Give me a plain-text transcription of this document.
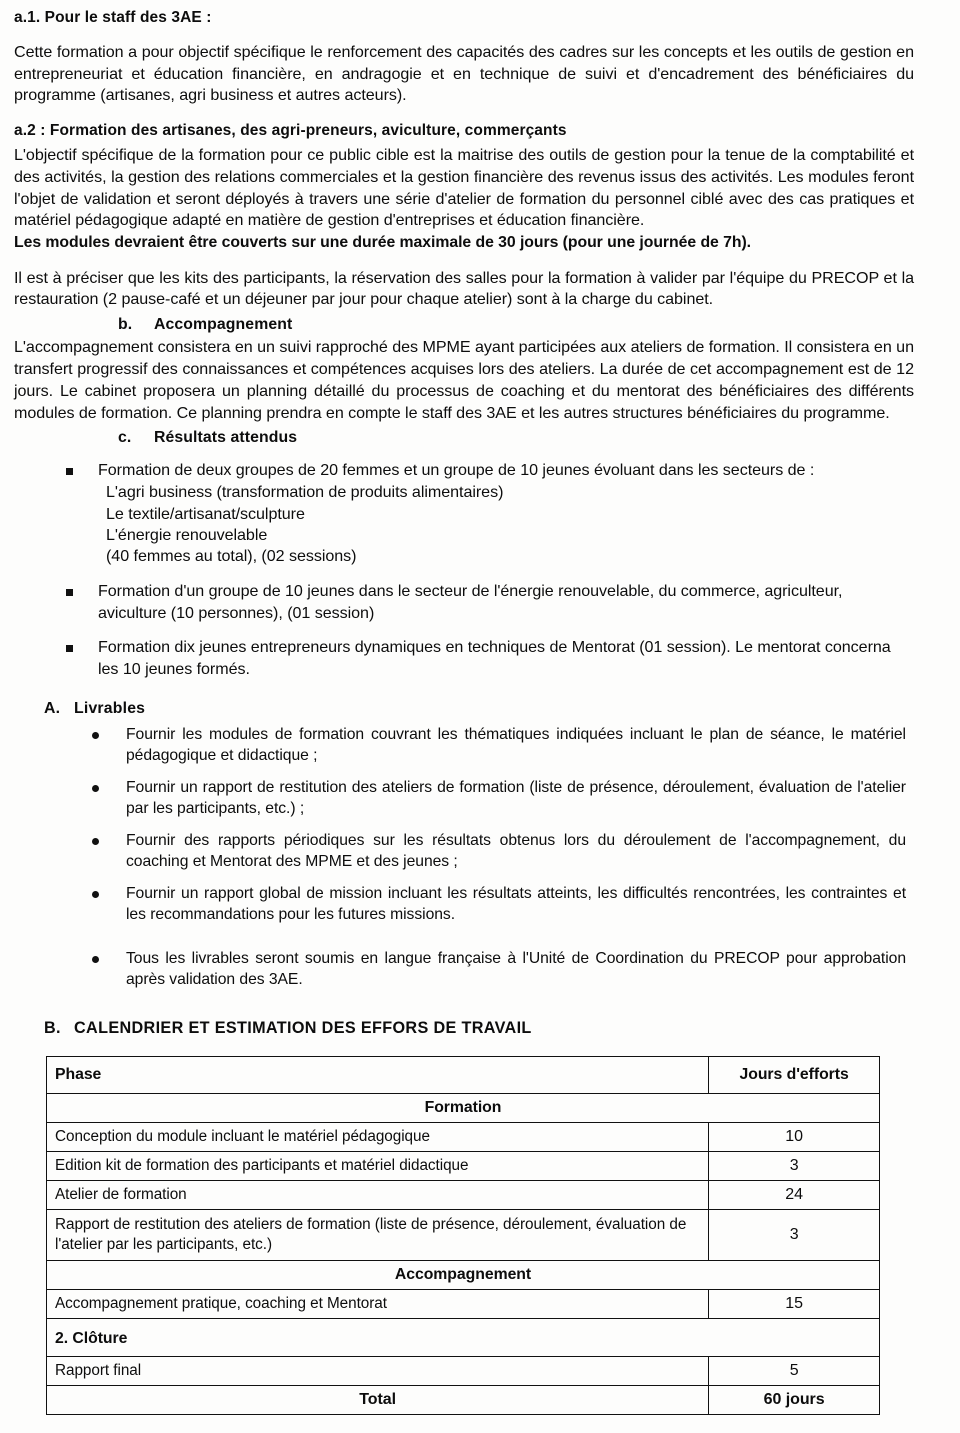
a.1. Pour le staff des 3AE :

Cette formation a pour objectif spécifique le renforcement des capacités des cadres sur les concepts et les outils de gestion en entrepreneuriat et éducation financière, en andragogie et en technique de suivi et d'encadrement des bénéficiaires du programme (artisanes, agri business et autres acteurs).

a.2 : Formation des artisanes, des agri-preneurs, aviculture, commerçants

L'objectif spécifique de la formation pour ce public cible est la maitrise des outils de gestion pour la tenue de la comptabilité et des activités, la gestion des relations commerciales et la gestion financière des revenus issus des activités. Les modules feront l'objet de validation et seront déployés à travers une série d'atelier de formation du personnel ciblé avec des cas pratiques et matériel pédagogique adapté en matière de gestion d'entreprises et éducation financière.

Les modules devraient être couverts sur une durée maximale de 30 jours (pour une journée de 7h).

Il est à préciser que les kits des participants, la réservation des salles pour la formation à valider par l'équipe du PRECOP et la restauration (2 pause-café et un déjeuner par jour pour chaque atelier) sont à la charge du cabinet.

b. Accompagnement

L'accompagnement consistera en un suivi rapproché des MPME ayant participées aux ateliers de formation. Il consistera en un transfert progressif des connaissances et compétences acquises lors des ateliers. La durée de cet accompagnement est de 12 jours. Le cabinet proposera un planning détaillé du processus de coaching et du mentorat des bénéficiaires des différents modules de formation. Ce planning prendra en compte le staff des 3AE et les autres structures bénéficiaires du programme.

c. Résultats attendus
Formation de deux groupes de 20 femmes et un groupe de 10 jeunes évoluant dans les secteurs de :
L'agri business (transformation de produits alimentaires)
Le textile/artisanat/sculpture
L'énergie renouvelable
(40 femmes au total), (02 sessions)
Formation d'un groupe de 10 jeunes dans le secteur de l'énergie renouvelable, du commerce, agriculteur, aviculture (10 personnes), (01 session)
Formation dix jeunes entrepreneurs dynamiques en techniques de Mentorat (01 session). Le mentorat concerna les 10 jeunes formés.
A. Livrables
Fournir les modules de formation couvrant les thématiques indiquées incluant le plan de séance, le matériel pédagogique et didactique ;
Fournir un rapport de restitution des ateliers de formation (liste de présence, déroulement, évaluation de l'atelier par les participants, etc.) ;
Fournir des rapports périodiques sur les résultats obtenus lors du déroulement de l'accompagnement, du coaching et Mentorat des MPME et des jeunes ;
Fournir un rapport global de mission incluant les résultats atteints, les difficultés rencontrées, les contraintes et les recommandations pour les futures missions.
Tous les livrables seront soumis en langue française à l'Unité de Coordination du PRECOP pour approbation après validation des 3AE.
B. CALENDRIER ET ESTIMATION DES EFFORS DE TRAVAIL
Phase	Jours d'efforts
Formation	
Conception du module incluant le matériel pédagogique	10
Edition kit de formation des participants et matériel didactique	3
Atelier de formation	24
Rapport de restitution des ateliers de formation (liste de présence, déroulement, évaluation de l'atelier par les participants, etc.)	3
Accompagnement	
Accompagnement pratique, coaching et Mentorat	15
2. Clôture	
Rapport final	5
Total	60 jours
